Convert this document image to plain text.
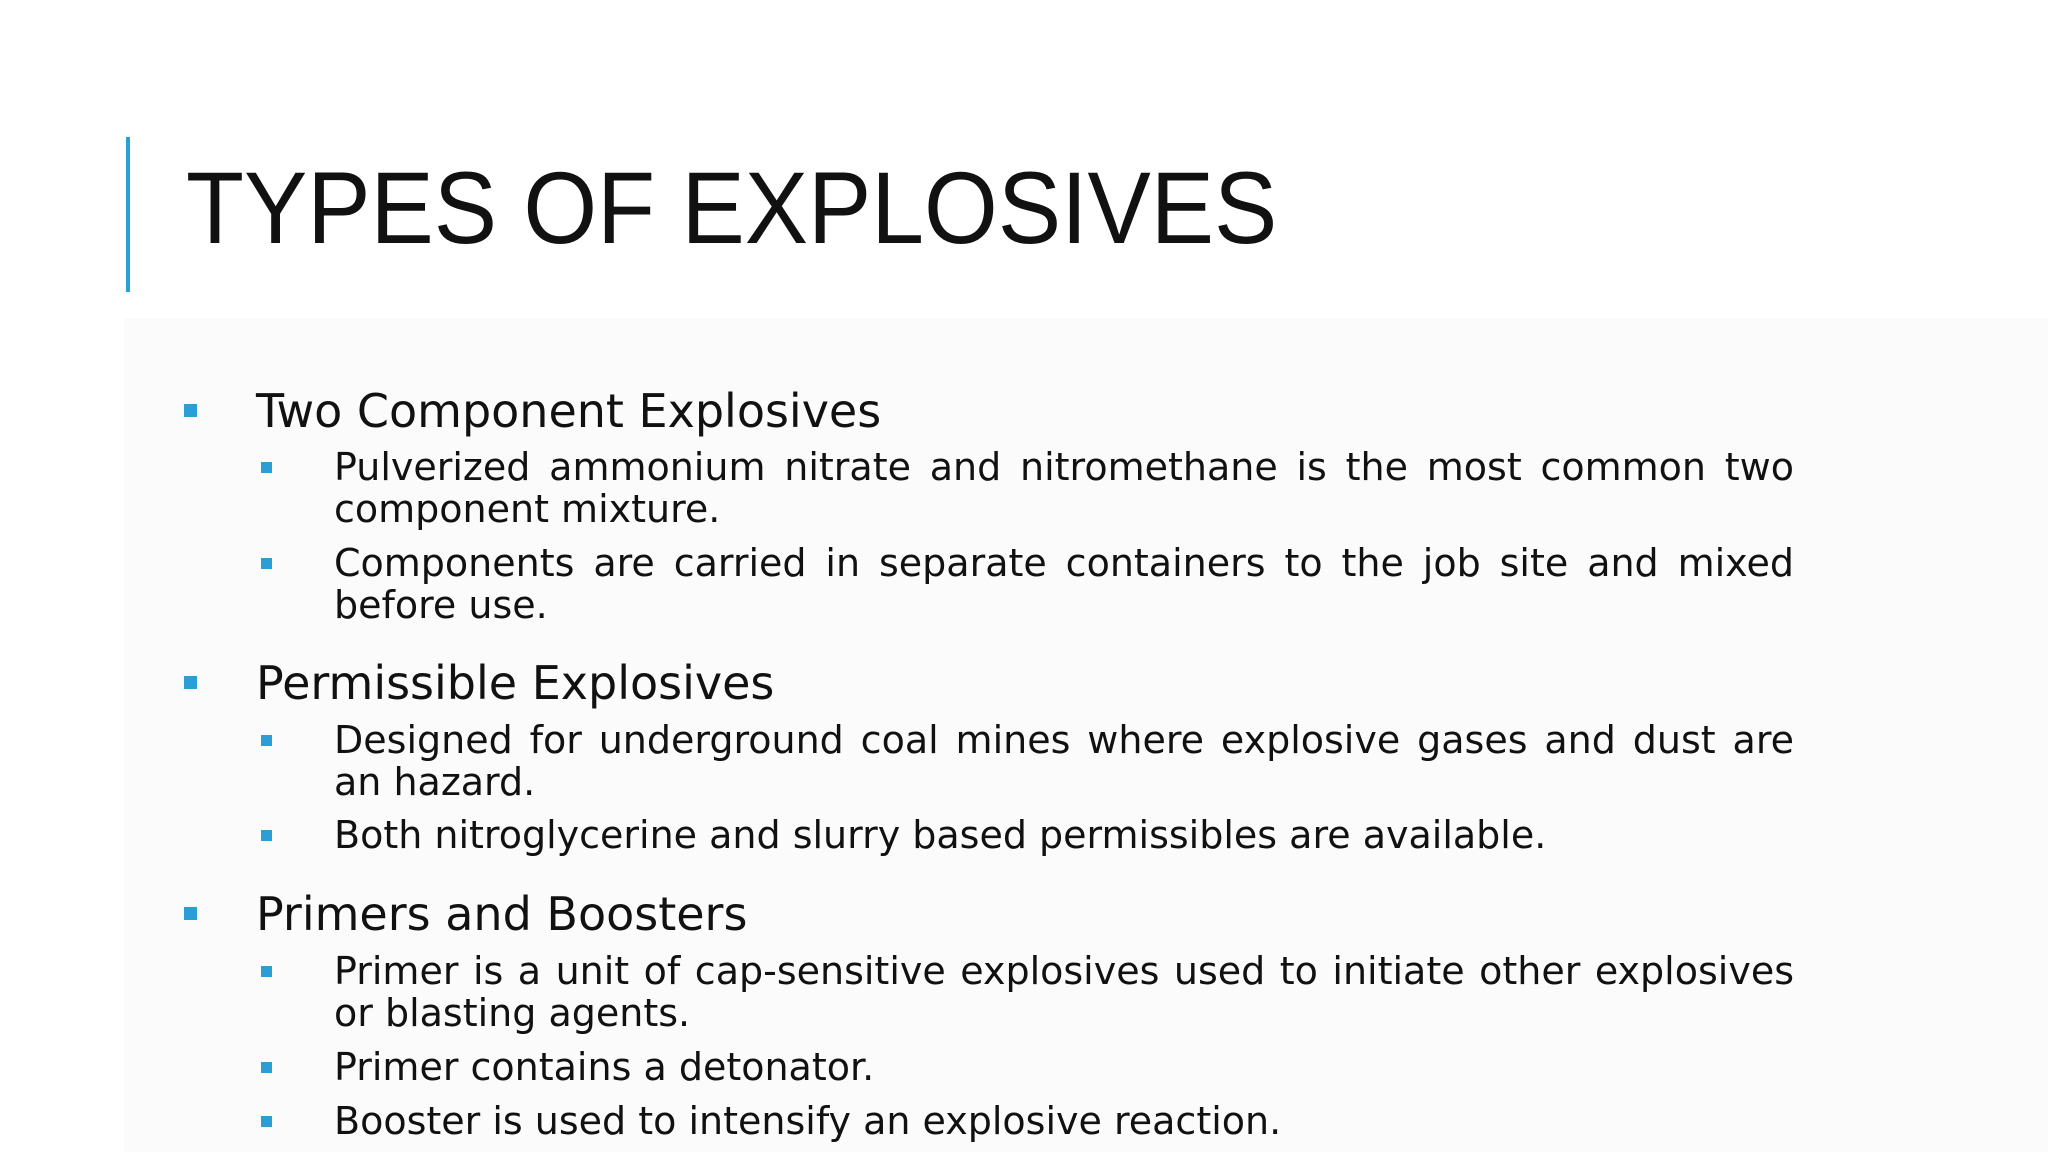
TYPES OF EXPLOSIVES
Two Component Explosives
Pulverized ammonium nitrate and nitromethane is the most common two component mixture.
Components are carried in separate containers to the job site and mixed before use.
Permissible Explosives
Designed for underground coal mines where explosive gases and dust are an hazard.
Both nitroglycerine and slurry based permissibles are available.
Primers and Boosters
Primer is a unit of cap-sensitive explosives used to initiate other explosives or blasting agents.
Primer contains a detonator.
Booster is used to intensify an explosive reaction.
